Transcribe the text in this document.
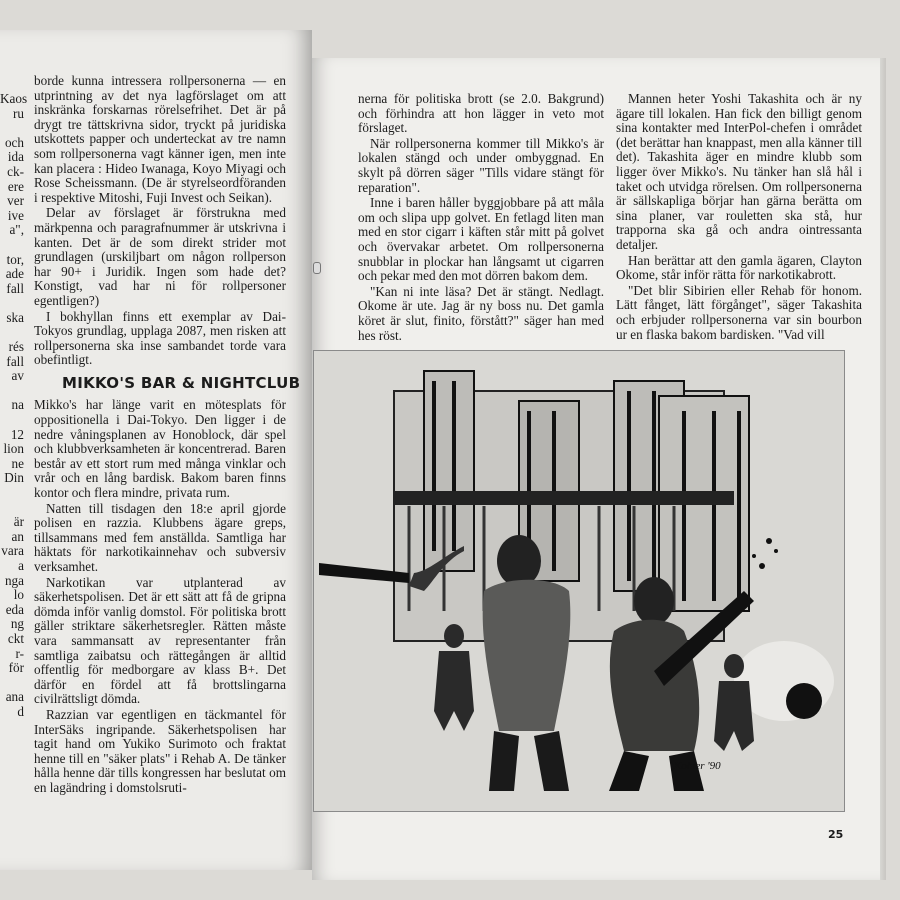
Kaos
ru
och
ida
ck-
ere
ver
ive
a",
tor,
ade
fall
ska
rés
fall
av
na
12
lion
ne
Din
är
an
vara
a
nga
lo
eda
ng
ckt
r-
för
ana
d

borde kunna intressera rollpersonerna — en utprintning av det nya lagförslaget om att inskränka forskarnas rörelsefrihet. Det är på drygt tre tättskrivna sidor, tryckt på juridiska utskottets papper och underteckat av tre namn som rollpersonerna vagt känner igen, men inte kan placera : Hideo Iwanaga, Koyo Miyagi och Rose Scheissmann. (De är styrelseordföranden i respektive Mitoshi, Fuji Invest och Seikan).

Delar av förslaget är förstrukna med märkpenna och paragrafnummer är utskrivna i kanten. Det är de som direkt strider mot grundlagen (urskiljbart om någon rollperson har 90+ i Juridik. Ingen som hade det? Konstigt, vad har ni för rollpersoner egentligen?)

I bokhyllan finns ett exemplar av Dai-Tokyos grundlag, upplaga 2087, men risken att rollpersonerna ska inse sambandet torde vara obefintligt.

MIKKO'S BAR & NIGHTCLUB

Mikko's har länge varit en mötesplats för oppositionella i Dai-Tokyo. Den ligger i de nedre våningsplanen av Honoblock, där spel och klubbverksamheten är koncentrerad. Baren består av ett stort rum med många vinklar och vrår och en lång bardisk. Bakom baren finns kontor och flera mindre, privata rum.

Natten till tisdagen den 18:e april gjorde polisen en razzia. Klubbens ägare greps, tillsammans med fem anställda. Samtliga har häktats för narkotikainnehav och subversiv verksamhet.

Narkotikan var utplanterad av säkerhetspolisen. Det är ett sätt att få de gripna dömda inför vanlig domstol. För politiska brott gäller striktare säkerhetsregler. Rätten måste vara sammansatt av representanter från samtliga zaibatsu och rättegången är alltid offentlig för medborgare av klass B+. Det därför en fördel att få brottslingarna civilrättsligt dömda.

Razzian var egentligen en täckmantel för InterSäks ingripande. Säkerhetspolisen har tagit hand om Yukiko Surimoto och fraktat henne till en "säker plats" i Rehab A. De tänker hålla henne där tills kongressen har beslutat om en lagändring i domstolsruti-

nerna för politiska brott (se 2.0. Bakgrund) och förhindra att hon lägger in veto mot förslaget.

När rollpersonerna kommer till Mikko's är lokalen stängd och under ombyggnad. En skylt på dörren säger "Tills vidare stängt för reparation".

Inne i baren håller byggjobbare på att måla om och slipa upp golvet. En fetlagd liten man med en stor cigarr i käften står mitt på golvet och övervakar arbetet. Om rollpersonerna snubblar in plockar han långsamt ut cigarren och pekar med den mot dörren bakom dem.

"Kan ni inte läsa? Det är stängt. Nedlagt. Okome är ute. Jag är ny boss nu. Det gamla köret är slut, finito, förstått?" säger han med hes röst.

Mannen heter Yoshi Takashita och är ny ägare till lokalen. Han fick den billigt genom sina kontakter med InterPol-chefen i området (det berättar han knappast, men alla känner till det). Takashita äger en mindre klubb som ligger över Mikko's. Nu tänker han slå hål i taket och utvidga rörelsen. Om rollpersonerna är sällskapliga börjar han gärna berätta om sina planer, var rouletten ska stå, hur trapporna ska gå och andra ointressanta detaljer.

Han berättar att den gamla ägaren, Clayton Okome, står inför rätta för narkotikabrott.

"Det blir Sibirien eller Rehab för honom. Lätt fånget, lätt förgånget", säger Takashita och erbjuder rollpersonerna var sin bourbon ur en flaska bakom bardisken. "Vad vill

Kohler '90
25
